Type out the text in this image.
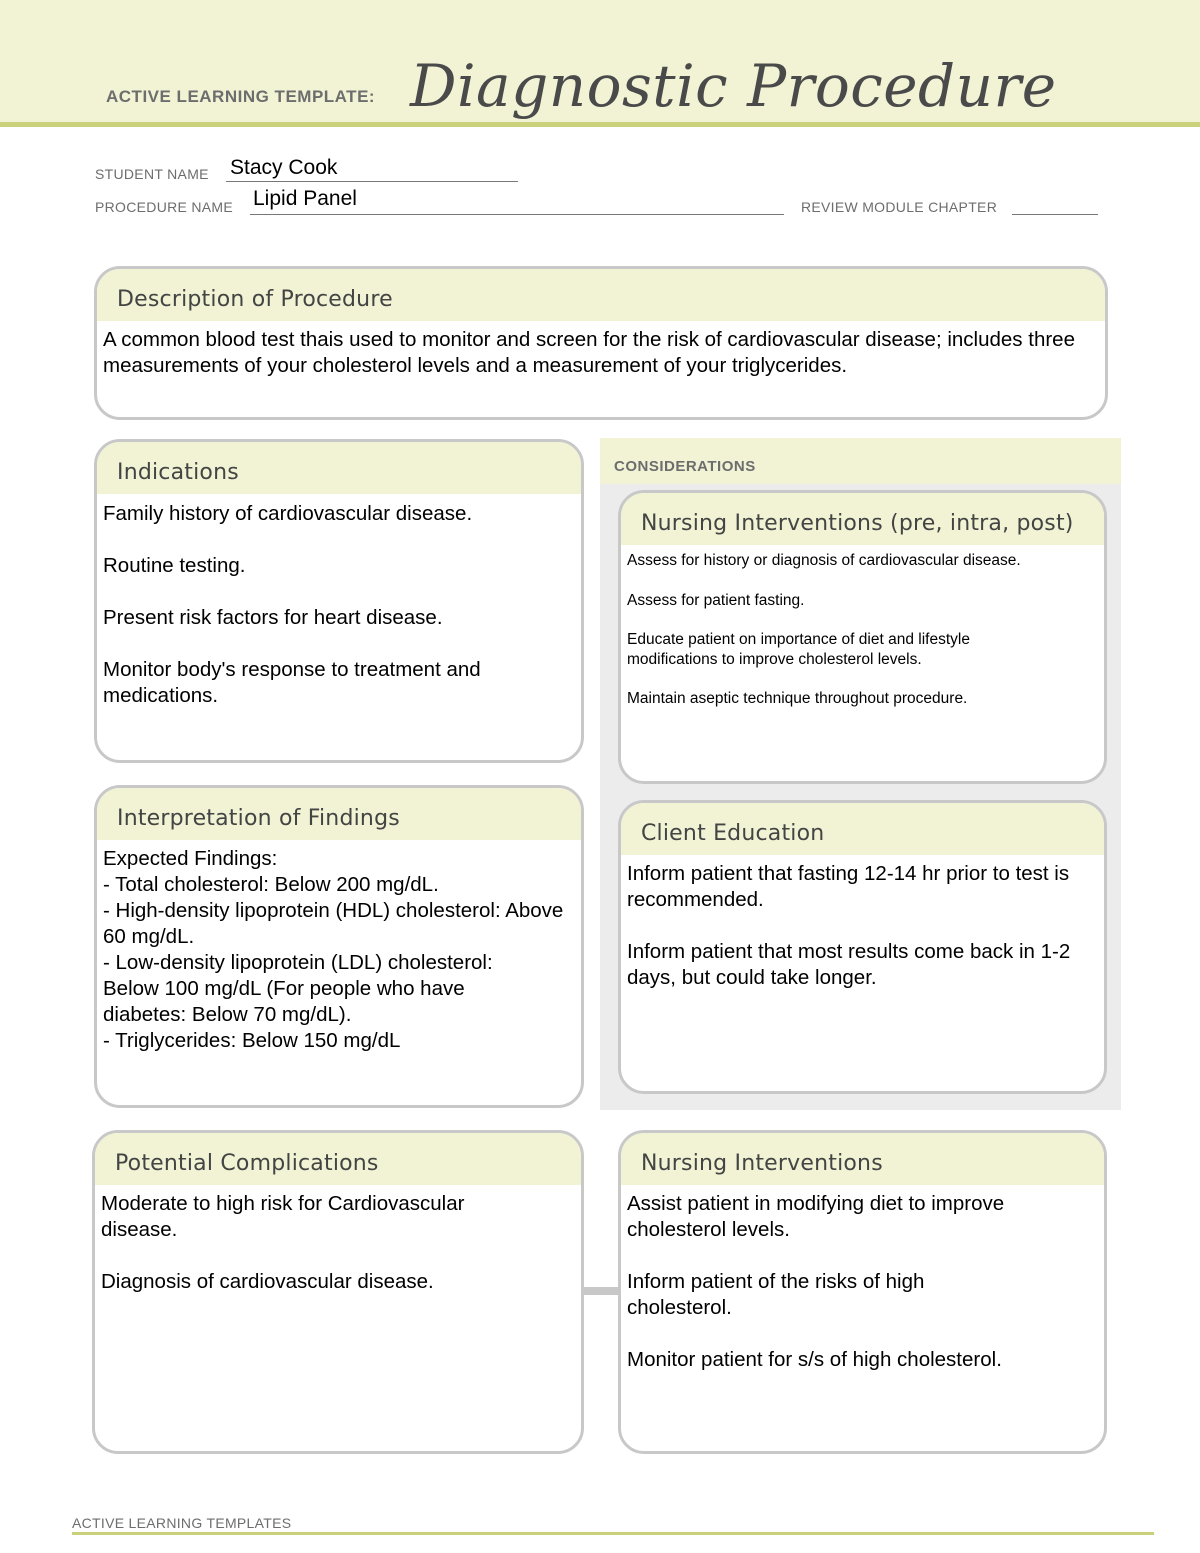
ACTIVE LEARNING TEMPLATE: Diagnostic Procedure
STUDENT NAME Stacy Cook
PROCEDURE NAME Lipid Panel	REVIEW MODULE CHAPTER
Description of Procedure

A common blood test thais used to monitor and screen for the risk of cardiovascular disease; includes three measurements of your cholesterol levels and a measurement of your triglycerides.

Indications

Family history of cardiovascular disease.

Routine testing.

Present risk factors for heart disease.

Monitor body's response to treatment and medications.

CONSIDERATIONS
Nursing Interventions (pre, intra, post)

Assess for history or diagnosis of cardiovascular disease.

Assess for patient fasting.

Educate patient on importance of diet and lifestyle modifications to improve cholesterol levels.

Maintain aseptic technique throughout procedure.

Interpretation of Findings

Expected Findings:

- Total cholesterol: Below 200 mg/dL.

- High-density lipoprotein (HDL) cholesterol: Above 60 mg/dL.

- Low-density lipoprotein (LDL) cholesterol: Below 100 mg/dL (For people who have diabetes: Below 70 mg/dL).

- Triglycerides: Below 150 mg/dL

Client Education

Inform patient that fasting 12-14 hr prior to test is recommended.

Inform patient that most results come back in 1-2 days, but could take longer.

Potential Complications

Moderate to high risk for Cardiovascular disease.

Diagnosis of cardiovascular disease.

Nursing Interventions

Assist patient in modifying diet to improve cholesterol levels.

Inform patient of the risks of high cholesterol.

Monitor patient for s/s of high cholesterol.

ACTIVE LEARNING TEMPLATES
